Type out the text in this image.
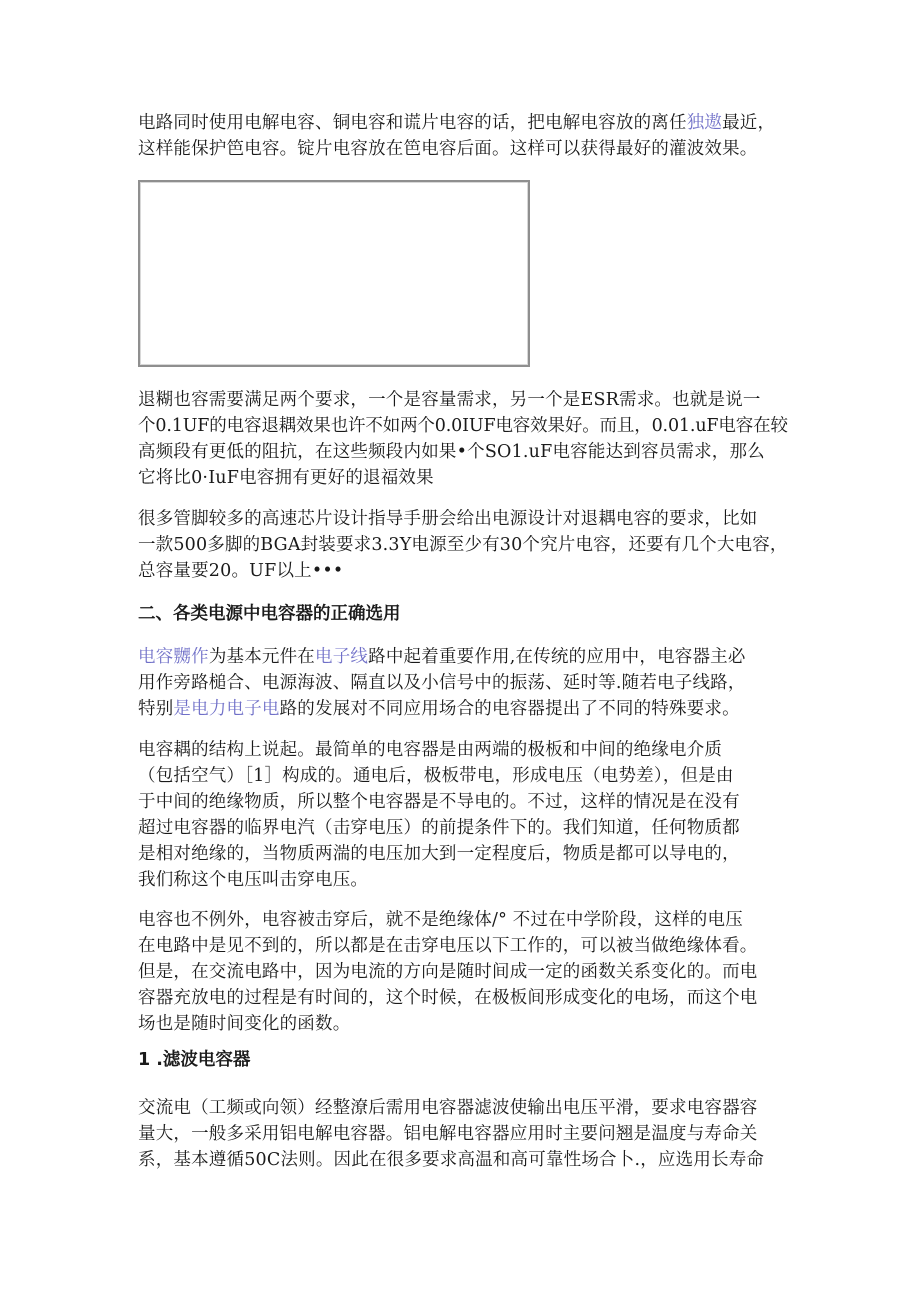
电路同时使用电解电容、铜电容和谎片电容的话，把电解电容放的离任独遨最近，
这样能保护笆电容。锭片电容放在笆电容后面。这样可以获得最好的灌波效果。
退糊也容需要满足两个要求，一个是容量需求，另一个是ESR需求。也就是说一
个0.1UF的电容退耦效果也许不如两个0.0IUF电容效果好。而且，0.01.uF电容在较
高频段有更低的阻抗，在这些频段内如果•个SO1.uF电容能达到容员需求，那么
它将比0·IuF电容拥有更好的退福效果
很多管脚较多的高速芯片设计指导手册会给出电源设计对退耦电容的要求，比如
一款500多脚的BGA封装要求3.3Y电源至少有30个究片电容，还要有几个大电容，
总容量要20。UF以上•••
二、各类电源中电容器的正确选用
电容嬲作为基本元件在电子线路中起着重要作用,在传统的应用中，电容器主必
用作旁路槌合、电源海波、隔直以及小信号中的振荡、延时等.随若电子线路，
特别是电力电子电路的发展对不同应用场合的电容器提出了不同的特殊要求。
电容耦的结构上说起。最简单的电容器是由两端的极板和中间的绝缘电介质
（包括空气）［1］构成的。通电后，极板带电，形成电压（电势差），但是由
于中间的绝缘物质，所以整个电容器是不导电的。不过，这样的情况是在没有
超过电容器的临界电汽（击穿电压）的前提条件下的。我们知道，任何物质都
是相对绝缘的，当物质两湍的电压加大到一定程度后，物质是都可以导电的，
我们称这个电压叫击穿电压。
电容也不例外，电容被击穿后，就不是绝缘体/° 不过在中学阶段，这样的电压
在电路中是见不到的，所以都是在击穿电压以下工作的，可以被当做绝缘体看。
但是，在交流电路中，因为电流的方向是随时间成一定的函数关系变化的。而电
容器充放电的过程是有时间的，这个时候，在极板间形成变化的电场，而这个电
场也是随时间变化的函数。
1 .滤波电容器
交流电（工频或向领）经整潦后需用电容器滤波使输出电压平滑，要求电容器容
量大，一般多采用铝电解电容器。铝电解电容器应用时主要问翘是温度与寿命关
系，基本遵循50C法则。因此在很多要求高温和高可靠性场合卜.，应选用长寿命
